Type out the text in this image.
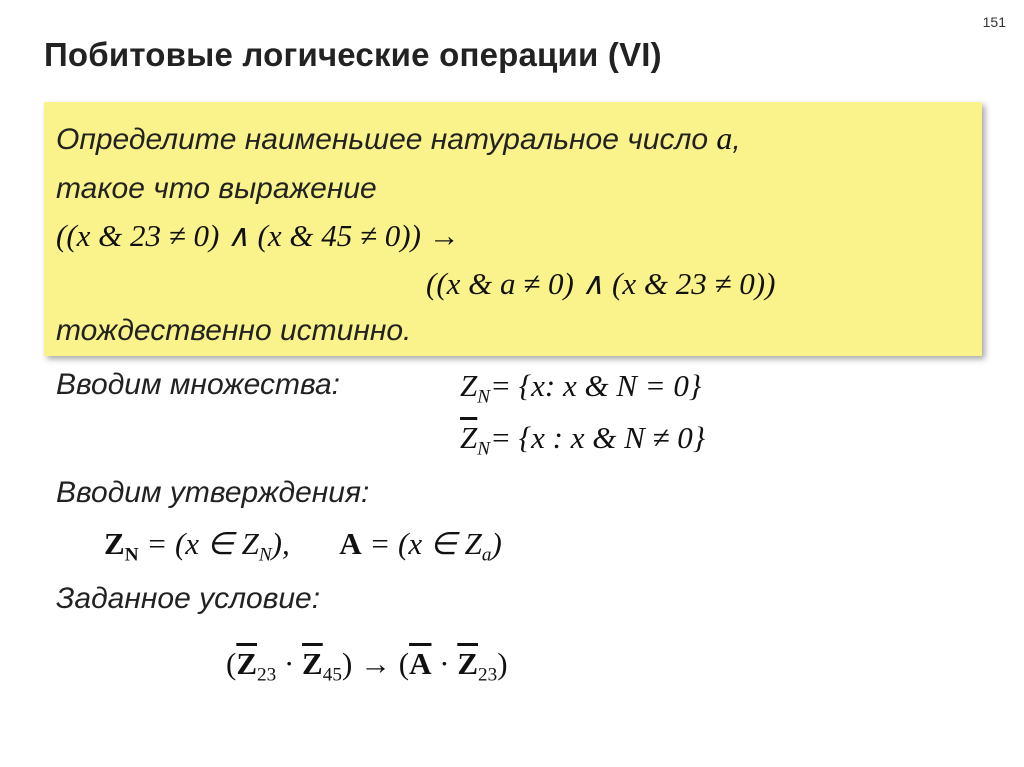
151
Побитовые логические операции (VI)
Определите наименьшее натуральное число a,
такое что выражение
((x & 23 ≠ 0) ∧ (x & 45 ≠ 0)) →
((x & a ≠ 0) ∧ (x & 23 ≠ 0))
тождественно истинно.
Вводим множества:	$Z_N= \{x$: x & N = 0}
$\overline{Z}_N= \{x$ : x & N ≠ 0}
Вводим утверждения:
$Z_N = (x$ ∈ $Z_N$), A = (x ∈ $Z_a$)
Заданное условие:
$(\overline{Z}_{23} \cdot \overline{Z}_{45}) \to (\overline{A} \cdot \overline{Z}_{23})$
